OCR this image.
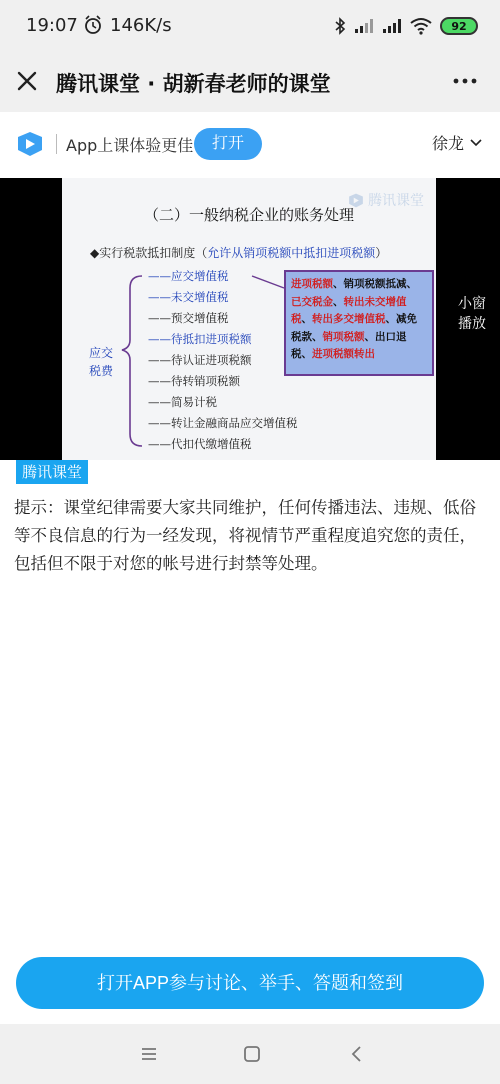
19:07 146K/s	92
腾讯课堂 · 胡新春老师的课堂
App上课体验更佳	打开	徐龙
腾讯课堂
（二）一般纳税企业的账务处理
◆实行税款抵扣制度（允许从销项税额中抵扣进项税额）
应交
税费
——应交增值税
——未交增值税
——预交增值税
——待抵扣进项税额
——待认证进项税额
——待转销项税额
——简易计税
——转让金融商品应交增值税
——代扣代缴增值税
进项税额、销项税额抵减、已交税金、转出未交增值税、转出多交增值税、减免税款、销项税额、出口退税、进项税额转出
小窗
播放
腾讯课堂
提示：课堂纪律需要大家共同维护，任何传播违法、违规、低俗等不良信息的行为一经发现，将视情节严重程度追究您的责任，包括但不限于对您的帐号进行封禁等处理。
打开APP参与讨论、举手、答题和签到
